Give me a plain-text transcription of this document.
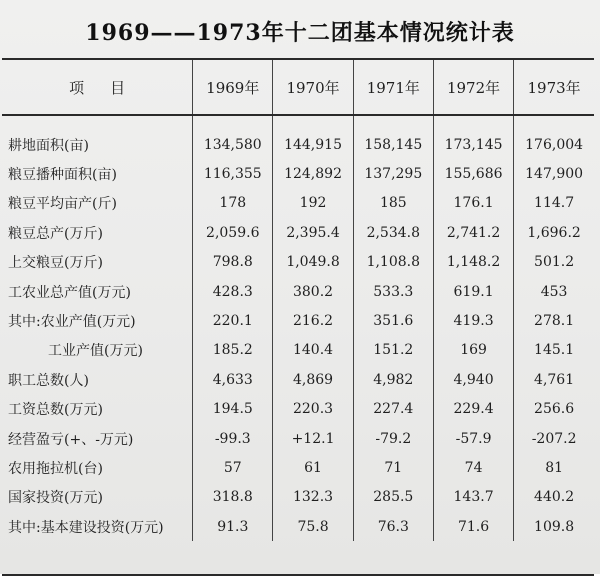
1969——1973年十二团基本情况统计表
项目	1969年	1970年	1971年	1972年	1973年
耕地面积(亩)	134,580	144,915	158,145	173,145	176,004
粮豆播种面积(亩)	116,355	124,892	137,295	155,686	147,900
粮豆平均亩产(斤)	178	192	185	176.1	114.7
粮豆总产(万斤)	2,059.6	2,395.4	2,534.8	2,741.2	1,696.2
上交粮豆(万斤)	798.8	1,049.8	1,108.8	1,148.2	501.2
工农业总产值(万元)	428.3	380.2	533.3	619.1	453
其中:农业产值(万元)	220.1	216.2	351.6	419.3	278.1
工业产值(万元)	185.2	140.4	151.2	169	145.1
职工总数(人)	4,633	4,869	4,982	4,940	4,761
工资总数(万元)	194.5	220.3	227.4	229.4	256.6
经营盈亏(+、-万元)	-99.3	+12.1	-79.2	-57.9	-207.2
农用拖拉机(台)	57	61	71	74	81
国家投资(万元)	318.8	132.3	285.5	143.7	440.2
其中:基本建设投资(万元)	91.3	75.8	76.3	71.6	109.8
